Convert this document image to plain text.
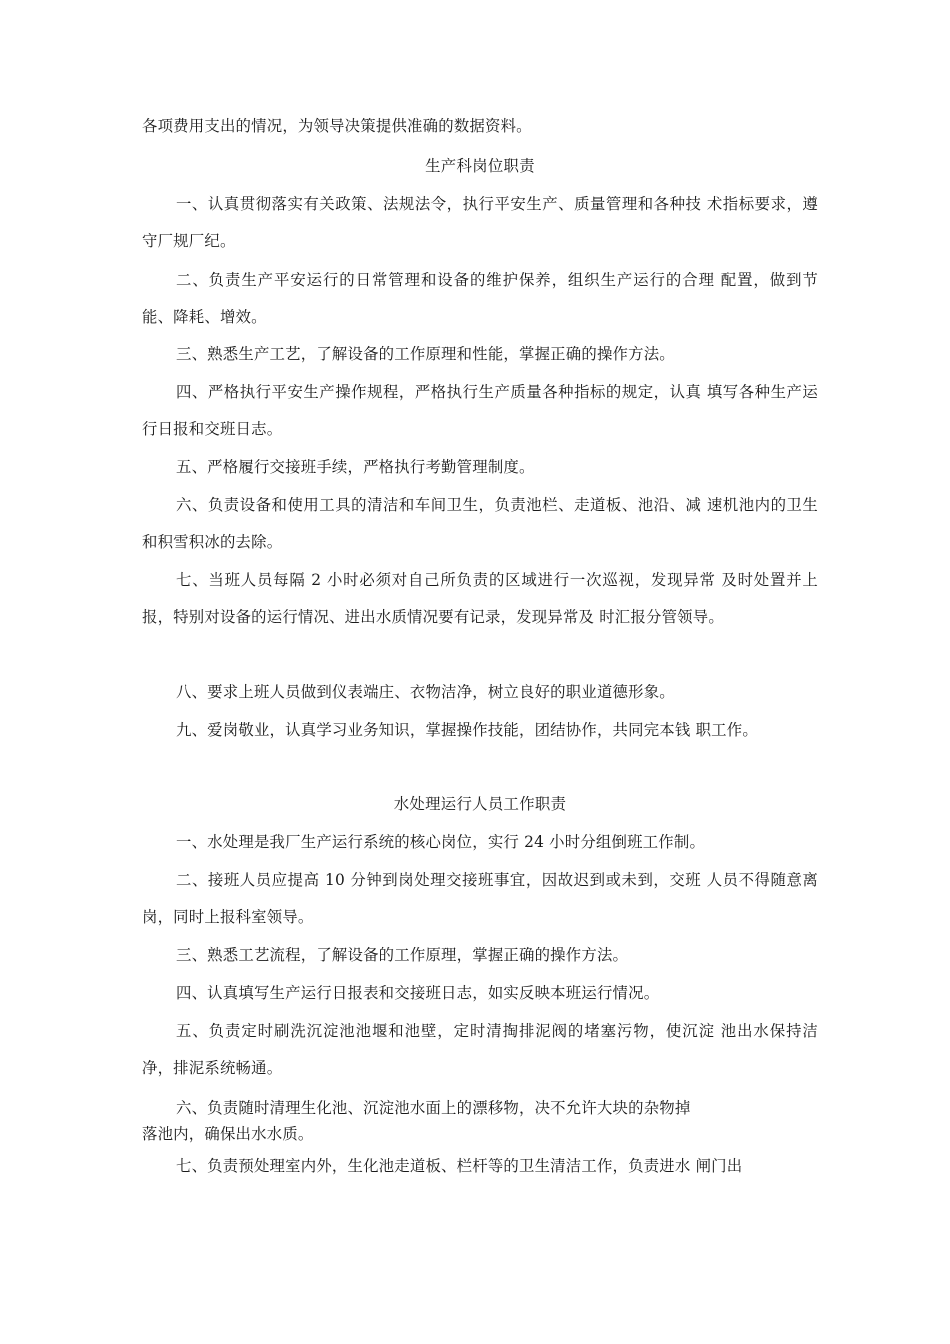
各项费用支出的情况，为领导决策提供准确的数据资料。

生产科岗位职责

一、认真贯彻落实有关政策、法规法令，执行平安生产、质量管理和各种技 术指标要求，遵守厂规厂纪。

二、负责生产平安运行的日常管理和设备的维护保养，组织生产运行的合理 配置，做到节能、降耗、增效。

三、熟悉生产工艺，了解设备的工作原理和性能，掌握正确的操作方法。

四、严格执行平安生产操作规程，严格执行生产质量各种指标的规定，认真 填写各种生产运行日报和交班日志。

五、严格履行交接班手续，严格执行考勤管理制度。

六、负责设备和使用工具的清洁和车间卫生，负责池栏、走道板、池沿、减 速机池内的卫生和积雪积冰的去除。

七、当班人员每隔 2 小时必须对自己所负责的区域进行一次巡视，发现异常 及时处置并上报，特别对设备的运行情况、进出水质情况要有记录，发现异常及 时汇报分管领导。

八、要求上班人员做到仪表端庄、衣物洁净，树立良好的职业道德形象。

九、爱岗敬业，认真学习业务知识，掌握操作技能，团结协作，共同完本钱 职工作。

水处理运行人员工作职责

一、水处理是我厂生产运行系统的核心岗位，实行 24 小时分组倒班工作制。

二、接班人员应提高 10 分钟到岗处理交接班事宜，因故迟到或未到，交班 人员不得随意离岗，同时上报科室领导。

三、熟悉工艺流程，了解设备的工作原理，掌握正确的操作方法。

四、认真填写生产运行日报表和交接班日志，如实反映本班运行情况。

五、负责定时刷洗沉淀池池堰和池壁，定时清掏排泥阀的堵塞污物，使沉淀 池出水保持洁净，排泥系统畅通。

六、负责随时清理生化池、沉淀池水面上的漂移物，决不允许大块的杂物掉

落池内，确保出水水质。

七、负责预处理室内外，生化池走道板、栏杆等的卫生清洁工作，负责进水 闸门出
